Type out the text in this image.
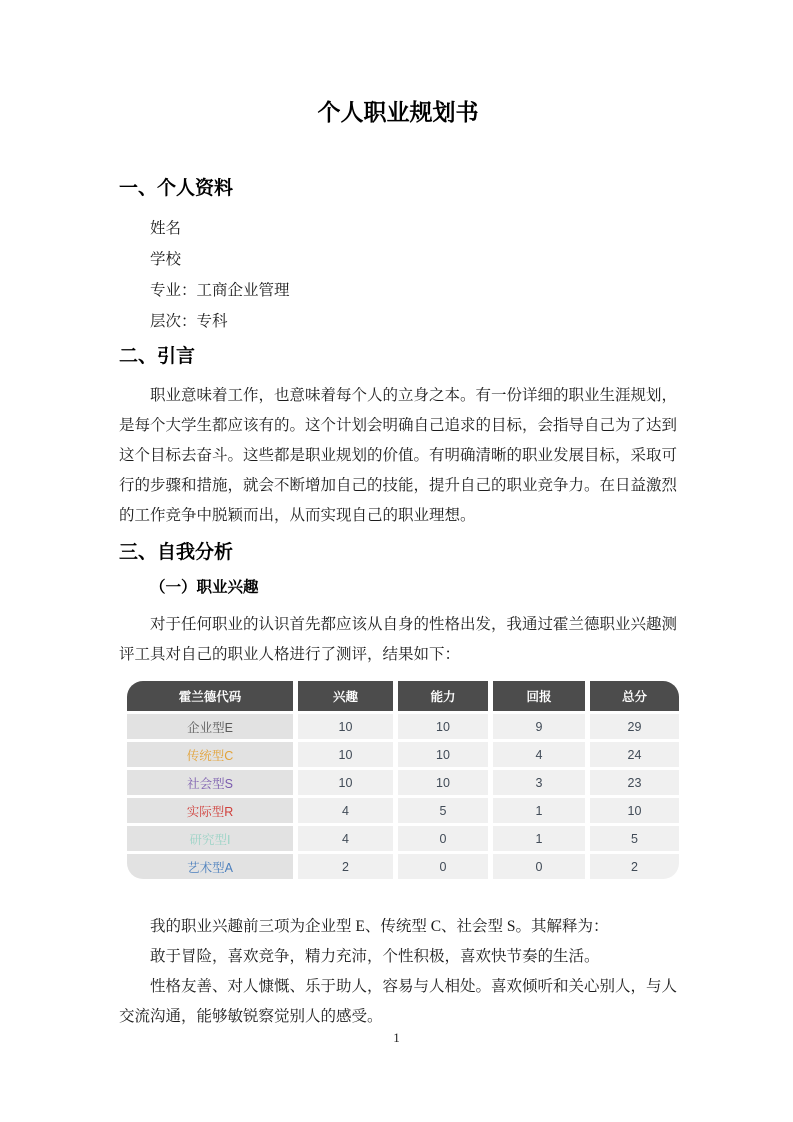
个人职业规划书
一、个人资料
姓名
学校
专业：工商企业管理
层次：专科
二、引言

职业意味着工作，也意味着每个人的立身之本。有一份详细的职业生涯规划，是每个大学生都应该有的。这个计划会明确自己追求的目标，会指导自己为了达到这个目标去奋斗。这些都是职业规划的价值。有明确清晰的职业发展目标，采取可行的步骤和措施，就会不断增加自己的技能，提升自己的职业竞争力。在日益激烈的工作竞争中脱颖而出，从而实现自己的职业理想。

三、自我分析
（一）职业兴趣

对于任何职业的认识首先都应该从自身的性格出发，我通过霍兰德职业兴趣测评工具对自己的职业人格进行了测评，结果如下：

霍兰德代码	兴趣	能力	回报	总分
企业型E	10	10	9	29
传统型C	10	10	4	24
社会型S	10	10	3	23
实际型R	4	5	1	10
研究型I	4	0	1	5
艺术型A	2	0	0	2

我的职业兴趣前三项为企业型 E、传统型 C、社会型 S。其解释为：

敢于冒险，喜欢竞争，精力充沛，个性积极，喜欢快节奏的生活。

性格友善、对人慷慨、乐于助人，容易与人相处。喜欢倾听和关心别人，与人交流沟通，能够敏锐察觉别人的感受。

1
